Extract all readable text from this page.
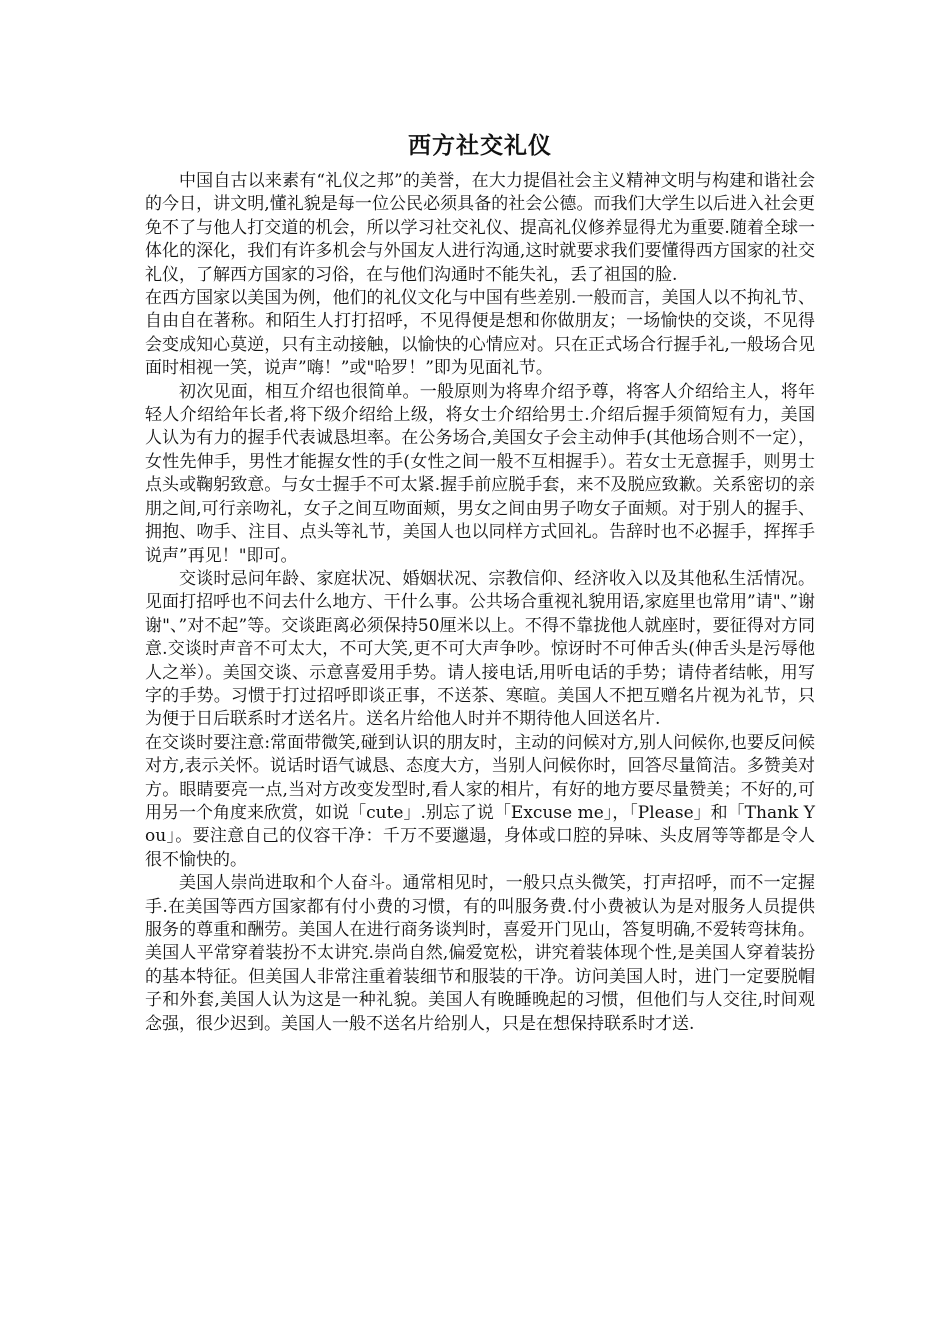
西方社交礼仪

中国自古以来素有“礼仪之邦”的美誉，在大力提倡社会主义精神文明与构建和谐社会的今日，讲文明,懂礼貌是每一位公民必须具备的社会公德。而我们大学生以后进入社会更免不了与他人打交道的机会，所以学习社交礼仪、提高礼仪修养显得尤为重要.随着全球一体化的深化，我们有许多机会与外国友人进行沟通,这时就要求我们要懂得西方国家的社交礼仪，了解西方国家的习俗，在与他们沟通时不能失礼，丢了祖国的脸.

在西方国家以美国为例，他们的礼仪文化与中国有些差别.一般而言，美国人以不拘礼节、自由自在著称。和陌生人打打招呼，不见得便是想和你做朋友；一场愉快的交谈，不见得会变成知心莫逆，只有主动接触，以愉快的心情应对。只在正式场合行握手礼,一般场合见面时相视一笑，说声”嗨！”或"哈罗！”即为见面礼节。

初次见面，相互介绍也很简单。一般原则为将卑介绍予尊，将客人介绍给主人，将年轻人介绍给年长者,将下级介绍给上级，将女士介绍给男士.介绍后握手须简短有力，美国人认为有力的握手代表诚恳坦率。在公务场合,美国女子会主动伸手(其他场合则不一定），女性先伸手，男性才能握女性的手(女性之间一般不互相握手）。若女士无意握手，则男士点头或鞠躬致意。与女士握手不可太紧.握手前应脱手套，来不及脱应致歉。关系密切的亲朋之间,可行亲吻礼，女子之间互吻面颊，男女之间由男子吻女子面颊。对于别人的握手、拥抱、吻手、注目、点头等礼节，美国人也以同样方式回礼。告辞时也不必握手，挥挥手说声”再见！"即可。

交谈时忌问年龄、家庭状况、婚姻状况、宗教信仰、经济收入以及其他私生活情况。见面打招呼也不问去什么地方、干什么事。公共场合重视礼貌用语,家庭里也常用”请"、”谢谢"、”对不起”等。交谈距离必须保持50厘米以上。不得不靠拢他人就座时，要征得对方同意.交谈时声音不可太大，不可大笑,更不可大声争吵。惊讶时不可伸舌头(伸舌头是污辱他人之举）。美国交谈、示意喜爱用手势。请人接电话,用听电话的手势；请侍者结帐，用写字的手势。习惯于打过招呼即谈正事，不送茶、寒暄。美国人不把互赠名片视为礼节，只为便于日后联系时才送名片。送名片给他人时并不期待他人回送名片.

在交谈时要注意:常面带微笑,碰到认识的朋友时，主动的问候对方,别人问候你,也要反问候对方,表示关怀。说话时语气诚恳、态度大方，当别人问候你时，回答尽量简洁。多赞美对方。眼睛要亮一点,当对方改变发型时,看人家的相片，有好的地方要尽量赞美；不好的,可用另一个角度来欣赏，如说「cute」.别忘了说「Excuse me」，「Please」和「Thank You」。要注意自己的仪容干净：千万不要邋遢，身体或口腔的异味、头皮屑等等都是令人很不愉快的。

美国人崇尚进取和个人奋斗。通常相见时，一般只点头微笑，打声招呼，而不一定握手.在美国等西方国家都有付小费的习惯，有的叫服务费.付小费被认为是对服务人员提供服务的尊重和酬劳。美国人在进行商务谈判时，喜爱开门见山，答复明确,不爱转弯抹角。美国人平常穿着装扮不太讲究.崇尚自然,偏爱宽松，讲究着装体现个性,是美国人穿着装扮的基本特征。但美国人非常注重着装细节和服装的干净。访问美国人时，进门一定要脱帽子和外套,美国人认为这是一种礼貌。美国人有晚睡晚起的习惯，但他们与人交往,时间观念强，很少迟到。美国人一般不送名片给别人，只是在想保持联系时才送.
